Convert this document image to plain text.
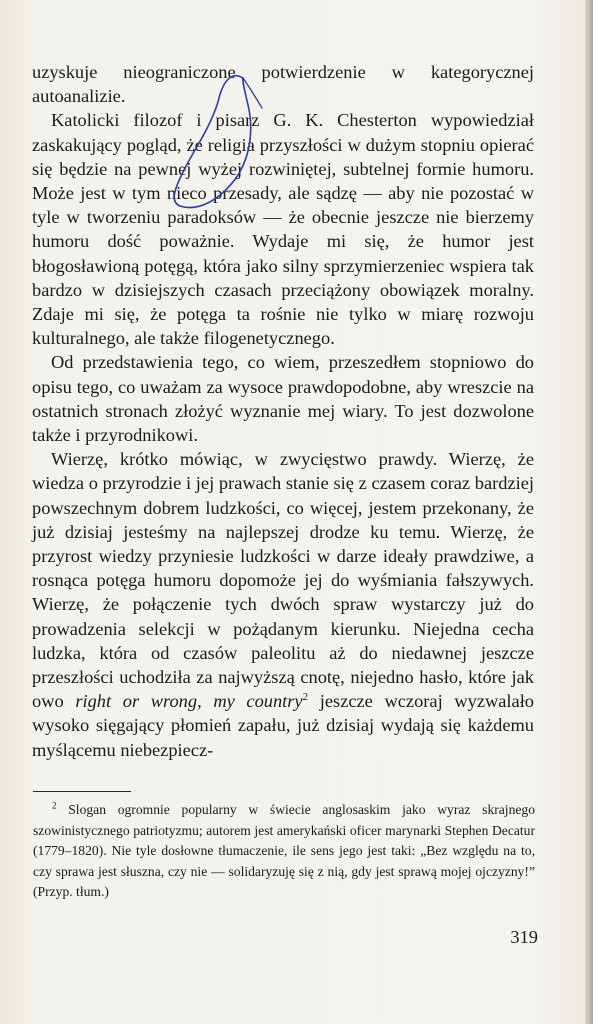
uzyskuje nieograniczone potwierdzenie w kategorycznej autoanalizie.

Katolicki filozof i pisarz G. K. Chesterton wypowiedział zaskakujący pogląd, że religia przyszłości w dużym stopniu opierać się będzie na pewnej wyżej rozwiniętej, subtelnej formie humoru. Może jest w tym nieco przesady, ale sądzę — aby nie pozostać w tyle w tworzeniu paradoksów — że obecnie jeszcze nie bierzemy humoru dość poważnie. Wydaje mi się, że humor jest błogosławioną potęgą, która jako silny sprzymierzeniec wspiera tak bardzo w dzisiejszych czasach przeciążony obowiązek moralny. Zdaje mi się, że potęga ta rośnie nie tylko w miarę rozwoju kulturalnego, ale także filogenetycznego.

Od przedstawienia tego, co wiem, przeszedłem stopniowo do opisu tego, co uważam za wysoce prawdopodobne, aby wreszcie na ostatnich stronach złożyć wyznanie mej wiary. To jest dozwolone także i przyrodnikowi.

Wierzę, krótko mówiąc, w zwycięstwo prawdy. Wierzę, że wiedza o przyrodzie i jej prawach stanie się z czasem coraz bardziej powszechnym dobrem ludzkości, co więcej, jestem przekonany, że już dzisiaj jesteśmy na najlepszej drodze ku temu. Wierzę, że przyrost wiedzy przyniesie ludzkości w darze ideały prawdziwe, a rosnąca potęga humoru dopomoże jej do wyśmiania fałszywych. Wierzę, że połączenie tych dwóch spraw wystarczy już do prowadzenia selekcji w pożądanym kierunku. Niejedna cecha ludzka, która od czasów paleolitu aż do niedawnej jeszcze przeszłości uchodziła za najwyższą cnotę, niejedno hasło, które jak owo right or wrong, my country$^2$ jeszcze wczoraj wyzwalało wysoko sięgający płomień zapału, już dzisiaj wydają się każdemu myślącemu niebezpiecz-

$^2$ Slogan ogromnie popularny w świecie anglosaskim jako wyraz skrajnego szowinistycznego patriotyzmu; autorem jest amerykański oficer marynarki Stephen Decatur (1779–1820). Nie tyle dosłowne tłumaczenie, ile sens jego jest taki: „Bez względu na to, czy sprawa jest słuszna, czy nie — solidaryzuję się z nią, gdy jest sprawą mojej ojczyzny!” (Przyp. tłum.)

319
